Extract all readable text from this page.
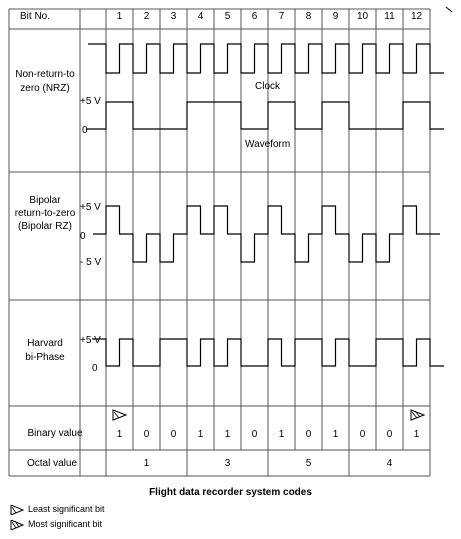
Bit No.	1 2 3 4 5 6 7 8 9 10 11 12
Non-return-to
zero (NRZ)
+5 V
0
Clock
Waveform
Bipolar
return-to-zero
(Bipolar RZ)
+5 V
0
- 5 V
Harvard
bi-Phase
+5 V
0
Binary value	1 0 0 1 1 0 1 0 1 0 0 1
Octal value	1	3	5	4
Flight data recorder system codes
Least significant bit
Most significant bit
